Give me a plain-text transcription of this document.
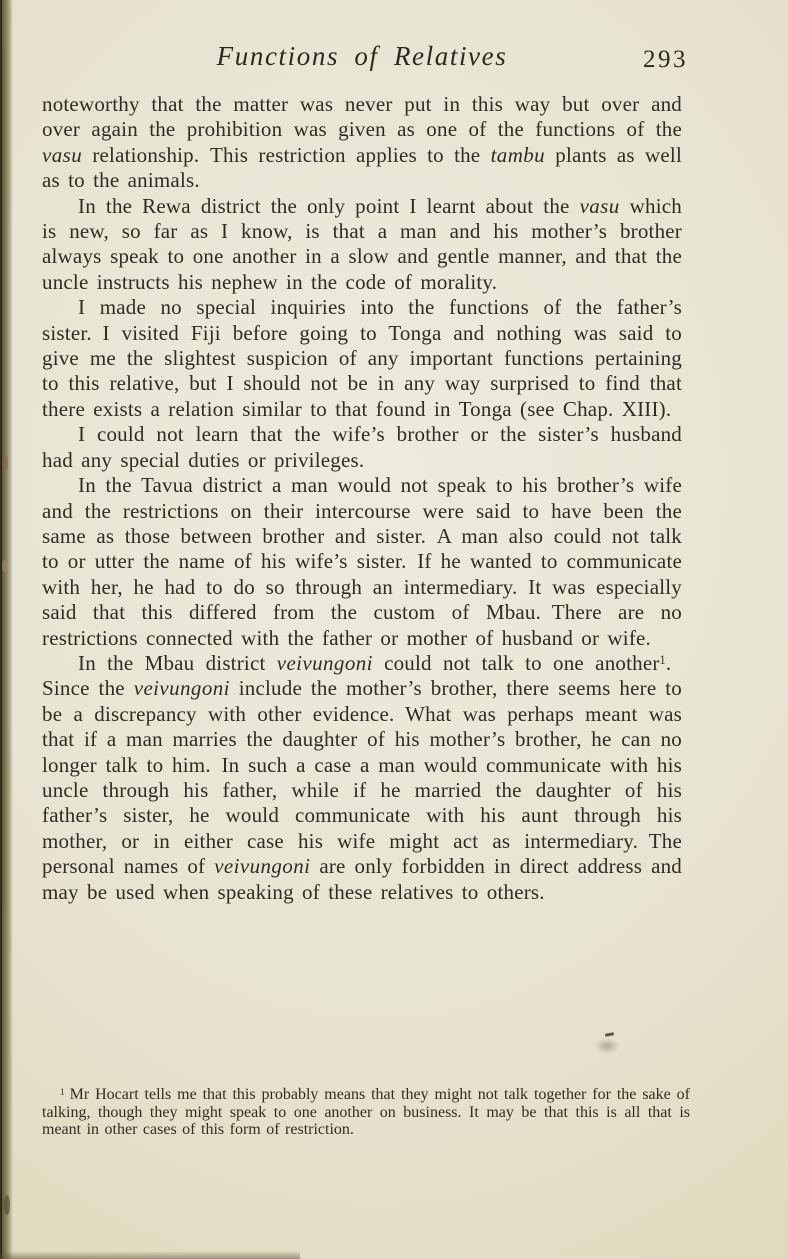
Functions of Relatives	293

noteworthy that the matter was never put in this way but over and over again the prohibition was given as one of the functions of the vasu relationship. This restriction applies to the tambu plants as well as to the animals.

In the Rewa district the only point I learnt about the vasu which is new, so far as I know, is that a man and his mother’s brother always speak to one another in a slow and gentle manner, and that the uncle instructs his nephew in the code of morality.

I made no special inquiries into the functions of the father’s sister. I visited Fiji before going to Tonga and nothing was said to give me the slightest suspicion of any important functions pertaining to this relative, but I should not be in any way surprised to find that there exists a relation similar to that found in Tonga (see Chap. XIII).

I could not learn that the wife’s brother or the sister’s husband had any special duties or privileges.

In the Tavua district a man would not speak to his brother’s wife and the restrictions on their intercourse were said to have been the same as those between brother and sister. A man also could not talk to or utter the name of his wife’s sister. If he wanted to communicate with her, he had to do so through an intermediary. It was especially said that this differed from the custom of Mbau. There are no restrictions connected with the father or mother of husband or wife.

In the Mbau district veivungoni could not talk to one another$^1$. Since the veivungoni include the mother’s brother, there seems here to be a discrepancy with other evidence. What was perhaps meant was that if a man marries the daughter of his mother’s brother, he can no longer talk to him. In such a case a man would communicate with his uncle through his father, while if he married the daughter of his father’s sister, he would communicate with his aunt through his mother, or in either case his wife might act as intermediary. The personal names of veivungoni are only forbidden in direct address and may be used when speaking of these relatives to others.

$^1$ Mr Hocart tells me that this probably means that they might not talk together for the sake of talking, though they might speak to one another on business. It may be that this is all that is meant in other cases of this form of restriction.
